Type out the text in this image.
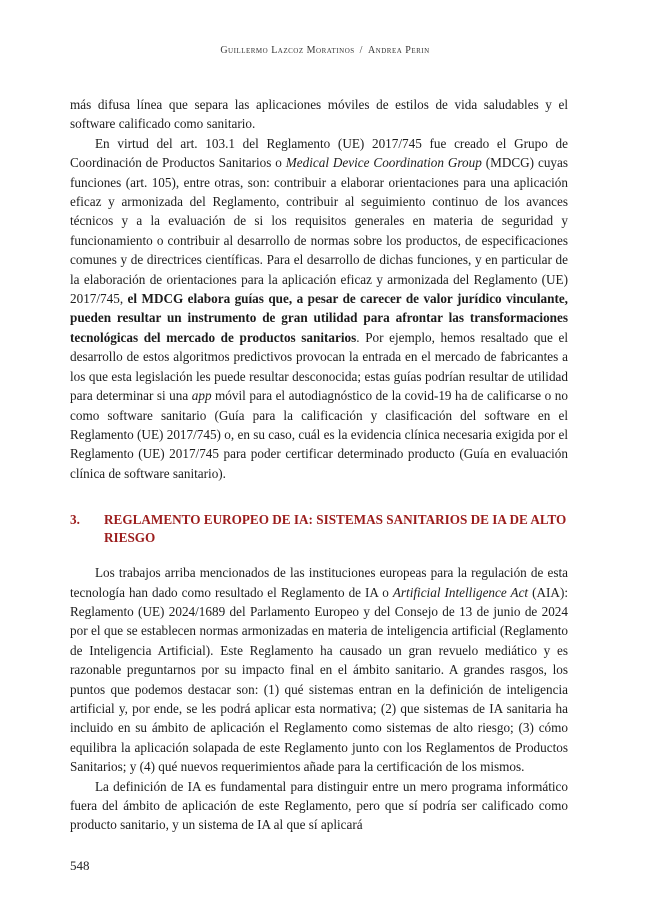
Guillermo Lazcoz Moratinos / Andrea Perin

más difusa línea que separa las aplicaciones móviles de estilos de vida saludables y el software calificado como sanitario.

En virtud del art. 103.1 del Reglamento (UE) 2017/745 fue creado el Grupo de Coordinación de Productos Sanitarios o Medical Device Coordination Group (MDCG) cuyas funciones (art. 105), entre otras, son: contribuir a elaborar orientaciones para una aplicación eficaz y armonizada del Reglamento, contribuir al seguimiento continuo de los avances técnicos y a la evaluación de si los requisitos generales en materia de seguridad y funcionamiento o contribuir al desarrollo de normas sobre los productos, de especificaciones comunes y de directrices científicas. Para el desarrollo de dichas funciones, y en particular de la elaboración de orientaciones para la aplicación eficaz y armonizada del Reglamento (UE) 2017/745, el MDCG elabora guías que, a pesar de carecer de valor jurídico vinculante, pueden resultar un instrumento de gran utilidad para afrontar las transformaciones tecnológicas del mercado de productos sanitarios. Por ejemplo, hemos resaltado que el desarrollo de estos algoritmos predictivos provocan la entrada en el mercado de fabricantes a los que esta legislación les puede resultar desconocida; estas guías podrían resultar de utilidad para determinar si una app móvil para el autodiagnóstico de la covid-19 ha de calificarse o no como software sanitario (Guía para la calificación y clasificación del software en el Reglamento (UE) 2017/745) o, en su caso, cuál es la evidencia clínica necesaria exigida por el Reglamento (UE) 2017/745 para poder certificar determinado producto (Guía en evaluación clínica de software sanitario).

3.	REGLAMENTO EUROPEO DE IA: SISTEMAS SANITARIOS DE IA DE ALTO RIESGO

Los trabajos arriba mencionados de las instituciones europeas para la regulación de esta tecnología han dado como resultado el Reglamento de IA o Artificial Intelligence Act (AIA): Reglamento (UE) 2024/1689 del Parlamento Europeo y del Consejo de 13 de junio de 2024 por el que se establecen normas armonizadas en materia de inteligencia artificial (Reglamento de Inteligencia Artificial). Este Reglamento ha causado un gran revuelo mediático y es razonable preguntarnos por su impacto final en el ámbito sanitario. A grandes rasgos, los puntos que podemos destacar son: (1) qué sistemas entran en la definición de inteligencia artificial y, por ende, se les podrá aplicar esta normativa; (2) que sistemas de IA sanitaria ha incluido en su ámbito de aplicación el Reglamento como sistemas de alto riesgo; (3) cómo equilibra la aplicación solapada de este Reglamento junto con los Reglamentos de Productos Sanitarios; y (4) qué nuevos requerimientos añade para la certificación de los mismos.

La definición de IA es fundamental para distinguir entre un mero programa informático fuera del ámbito de aplicación de este Reglamento, pero que sí podría ser calificado como producto sanitario, y un sistema de IA al que sí aplicará

548
